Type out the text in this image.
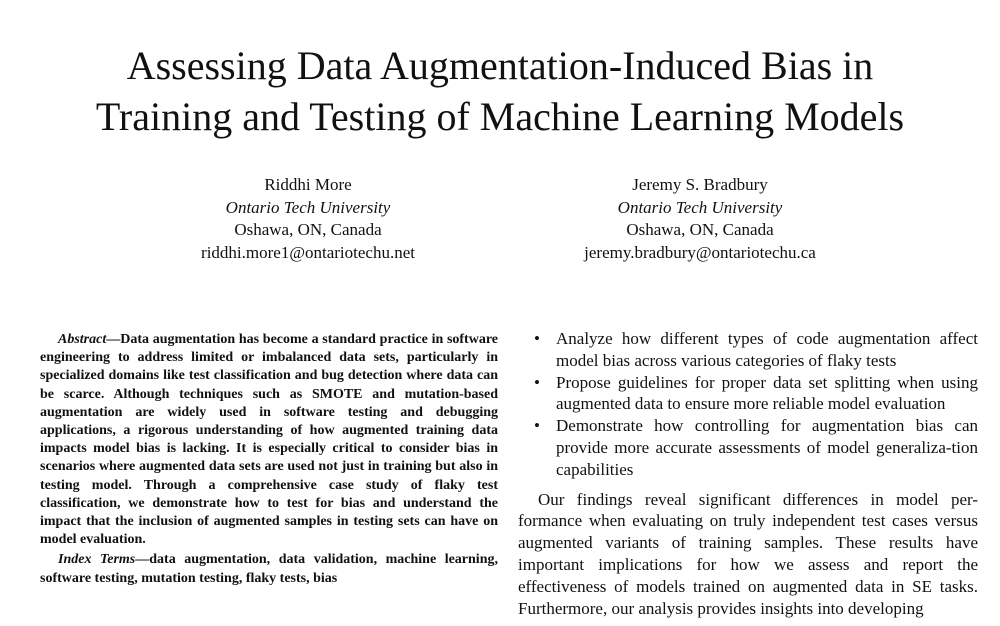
Assessing Data Augmentation-Induced Bias in
Training and Testing of Machine Learning Models
Riddhi More
Ontario Tech University
Oshawa, ON, Canada
riddhi.more1@ontariotechu.net
Jeremy S. Bradbury
Ontario Tech University
Oshawa, ON, Canada
jeremy.bradbury@ontariotechu.ca

Abstract—Data augmentation has become a standard practice in software engineering to address limited or imbalanced data sets, particularly in specialized domains like test classification and bug detection where data can be scarce. Although techniques such as SMOTE and mutation-based augmentation are widely used in software testing and debugging applications, a rigorous understanding of how augmented training data impacts model bias is lacking. It is especially critical to consider bias in scenarios where augmented data sets are used not just in training but also in testing model. Through a comprehensive case study of flaky test classification, we demonstrate how to test for bias and understand the impact that the inclusion of augmented samples in testing sets can have on model evaluation.

Index Terms—data augmentation, data validation, machine learning, software testing, mutation testing, flaky tests, bias

• Analyze how different types of code augmentation affect model bias across various categories of flaky tests
• Propose guidelines for proper data set splitting when using augmented data to ensure more reliable model evaluation
• Demonstrate how controlling for augmentation bias can provide more accurate assessments of model generaliza-tion capabilities

Our findings reveal significant differences in model per-formance when evaluating on truly independent test cases versus augmented variants of training samples. These results have important implications for how we assess and report the effectiveness of models trained on augmented data in SE tasks. Furthermore, our analysis provides insights into developing
